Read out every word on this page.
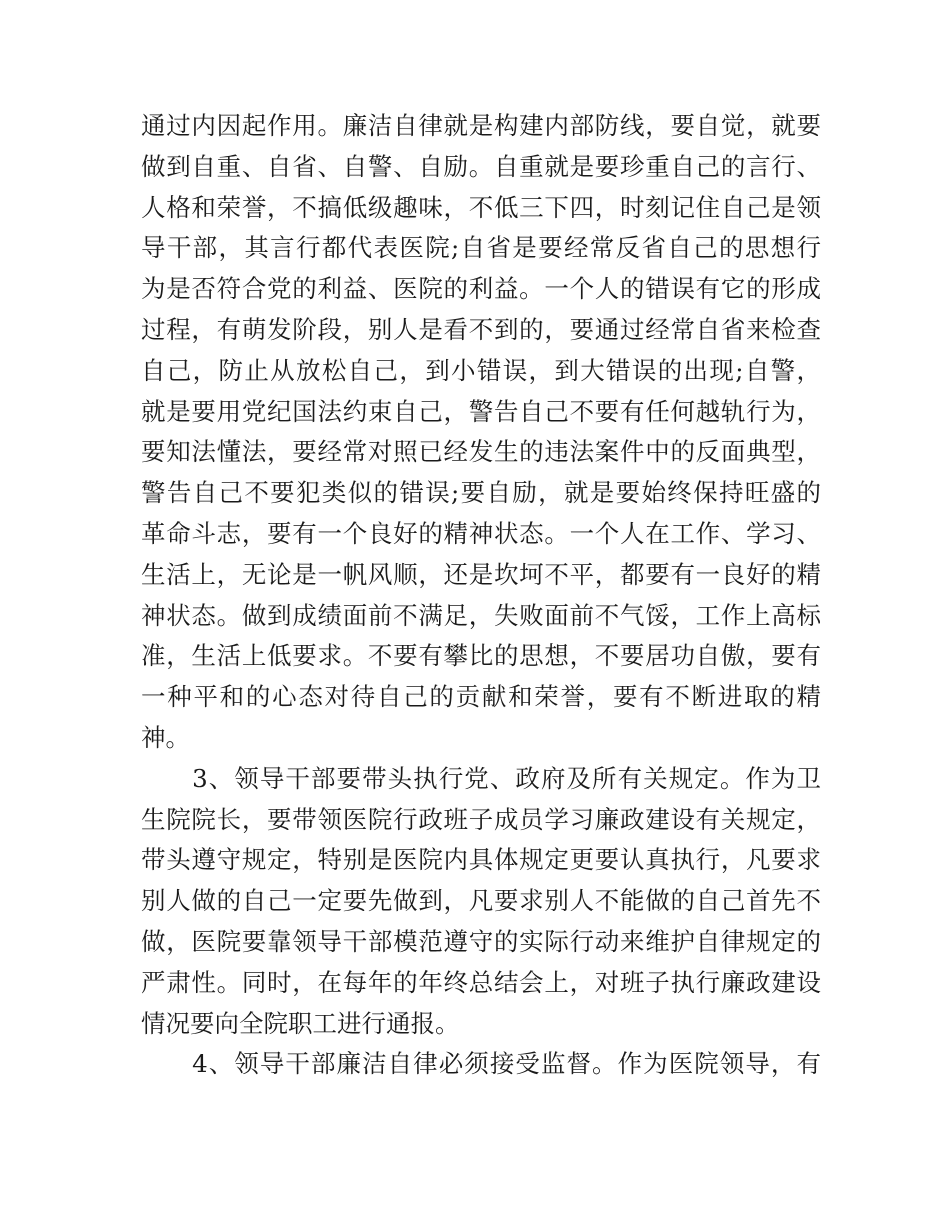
通过内因起作用。廉洁自律就是构建内部防线，要自觉，就要
做到自重、自省、自警、自励。自重就是要珍重自己的言行、
人格和荣誉，不搞低级趣味，不低三下四，时刻记住自己是领
导干部，其言行都代表医院;自省是要经常反省自己的思想行
为是否符合党的利益、医院的利益。一个人的错误有它的形成
过程，有萌发阶段，别人是看不到的，要通过经常自省来检查
自己，防止从放松自己，到小错误，到大错误的出现;自警，
就是要用党纪国法约束自己，警告自己不要有任何越轨行为，
要知法懂法，要经常对照已经发生的违法案件中的反面典型，
警告自己不要犯类似的错误;要自励，就是要始终保持旺盛的
革命斗志，要有一个良好的精神状态。一个人在工作、学习、
生活上，无论是一帆风顺，还是坎坷不平，都要有一良好的精
神状态。做到成绩面前不满足，失败面前不气馁，工作上高标
准，生活上低要求。不要有攀比的思想，不要居功自傲，要有
一种平和的心态对待自己的贡献和荣誉，要有不断进取的精
神。
　　3、领导干部要带头执行党、政府及所有关规定。作为卫
生院院长，要带领医院行政班子成员学习廉政建设有关规定，
带头遵守规定，特别是医院内具体规定更要认真执行，凡要求
别人做的自己一定要先做到，凡要求别人不能做的自己首先不
做，医院要靠领导干部模范遵守的实际行动来维护自律规定的
严肃性。同时，在每年的年终总结会上，对班子执行廉政建设
情况要向全院职工进行通报。
　　4、领导干部廉洁自律必须接受监督。作为医院领导，有
